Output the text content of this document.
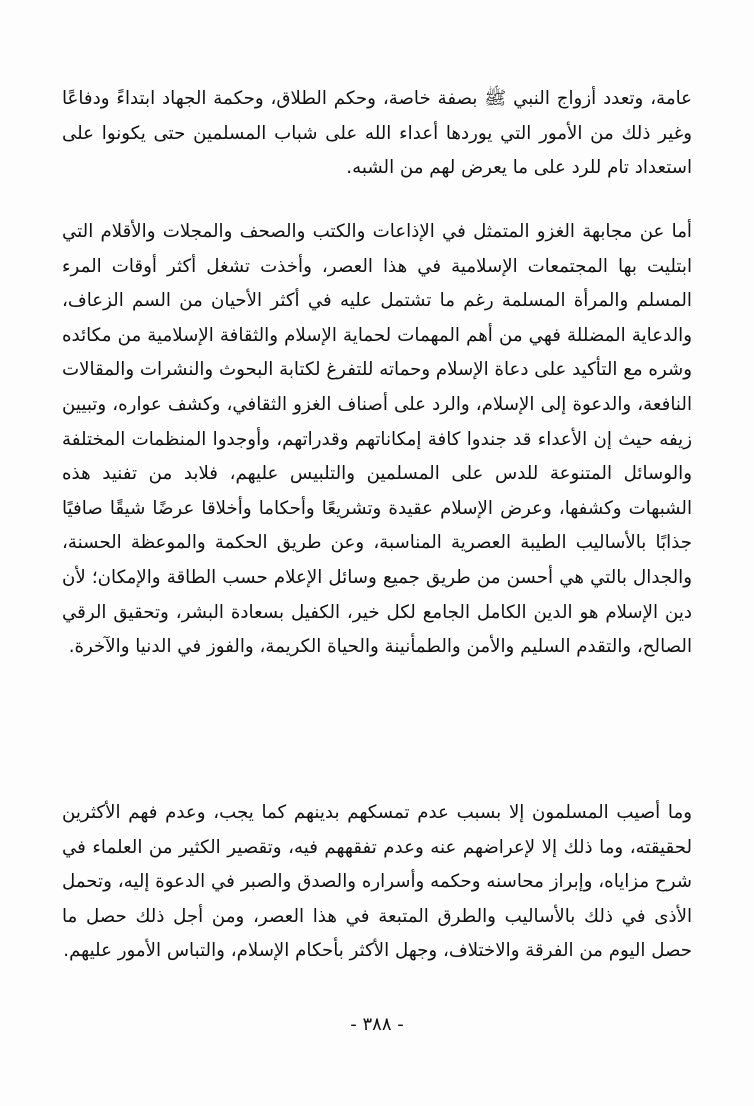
عامة، وتعدد أزواج النبي ﷺ بصفة خاصة، وحكم الطلاق، وحكمة الجهاد ابتداءً ودفاعًا وغير ذلك من الأمور التي يوردها أعداء الله على شباب المسلمين حتى يكونوا على استعداد تام للرد على ما يعرض لهم من الشبه.

أما عن مجابهة الغزو المتمثل في الإذاعات والكتب والصحف والمجلات والأقلام التي ابتليت بها المجتمعات الإسلامية في هذا العصر، وأخذت تشغل أكثر أوقات المرء المسلم والمرأة المسلمة رغم ما تشتمل عليه في أكثر الأحيان من السم الزعاف، والدعاية المضللة فهي من أهم المهمات لحماية الإسلام والثقافة الإسلامية من مكائده وشره مع التأكيد على دعاة الإسلام وحماته للتفرغ لكتابة البحوث والنشرات والمقالات النافعة، والدعوة إلى الإسلام، والرد على أصناف الغزو الثقافي، وكشف عواره، وتبيين زيفه حيث إن الأعداء قد جندوا كافة إمكاناتهم وقدراتهم، وأوجدوا المنظمات المختلفة والوسائل المتنوعة للدس على المسلمين والتلبيس عليهم، فلابد من تفنيد هذه الشبهات وكشفها، وعرض الإسلام عقيدة وتشريعًا وأحكاما وأخلاقا عرضًا شيقًا صافيًا جذابًا بالأساليب الطيبة العصرية المناسبة، وعن طريق الحكمة والموعظة الحسنة، والجدال بالتي هي أحسن من طريق جميع وسائل الإعلام حسب الطاقة والإمكان؛ لأن دين الإسلام هو الدين الكامل الجامع لكل خير، الكفيل بسعادة البشر، وتحقيق الرقي الصالح، والتقدم السليم والأمن والطمأنينة والحياة الكريمة، والفوز في الدنيا والآخرة.

وما أصيب المسلمون إلا بسبب عدم تمسكهم بدينهم كما يجب، وعدم فهم الأكثرين لحقيقته، وما ذلك إلا لإعراضهم عنه وعدم تفقههم فيه، وتقصير الكثير من العلماء في شرح مزاياه، وإبراز محاسنه وحكمه وأسراره والصدق والصبر في الدعوة إليه، وتحمل الأذى في ذلك بالأساليب والطرق المتبعة في هذا العصر، ومن أجل ذلك حصل ما حصل اليوم من الفرقة والاختلاف، وجهل الأكثر بأحكام الإسلام، والتباس الأمور عليهم.

- ٣٨٨ -
